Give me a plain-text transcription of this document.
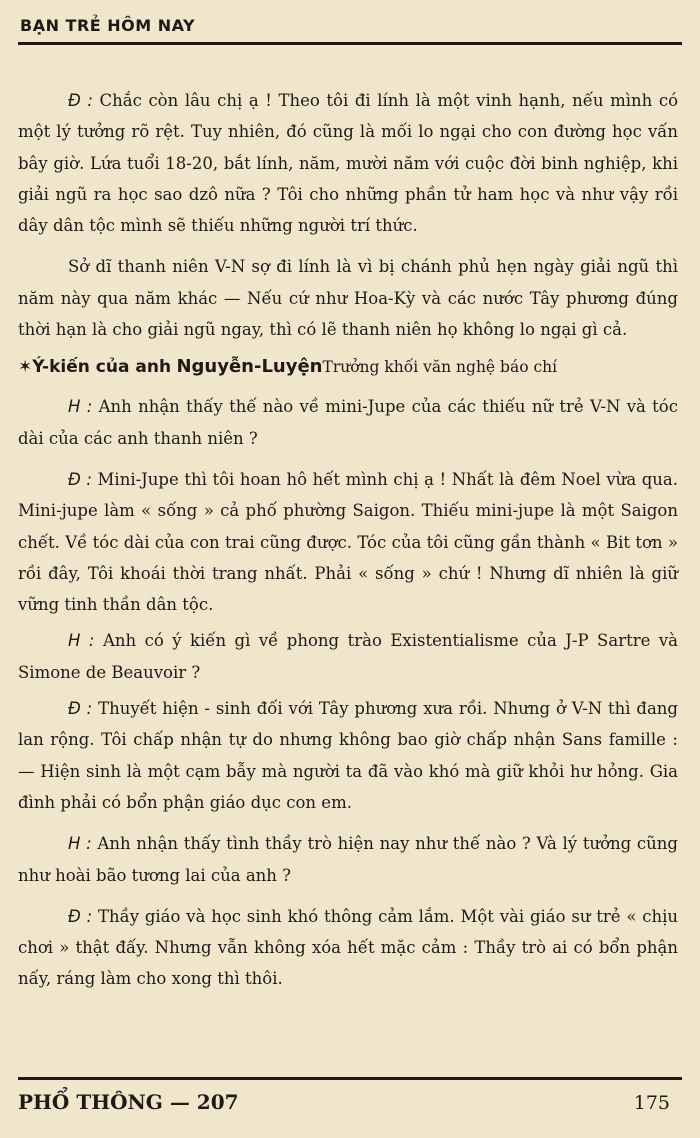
BẠN TRẺ HÔM NAY

Đ : Chắc còn lâu chị ạ ! Theo tôi đi lính là một vinh hạnh, nếu mình có một lý tưởng rõ rệt. Tuy nhiên, đó cũng là mối lo ngại cho con đường học vấn bây giờ. Lứa tuổi 18-20, bắt lính, năm, mười năm với cuộc đời binh nghiệp, khi giải ngũ ra học sao dzô nữa ? Tôi cho những phần tử ham học và như vậy rồi dây dân tộc mình sẽ thiếu những người trí thức.

Sở dĩ thanh niên V-N sợ đi lính là vì bị chánh phủ hẹn ngày giải ngũ thì năm này qua năm khác — Nếu cứ như Hoa-Kỳ và các nước Tây phương đúng thời hạn là cho giải ngũ ngay, thì có lẽ thanh niên họ không lo ngại gì cả.

✶Ý-kiến của anh Nguyễn-LuyệnTrưởng khối văn nghệ báo chí

H : Anh nhận thấy thế nào về mini-Jupe của các thiếu nữ trẻ V-N và tóc dài của các anh thanh niên ?

Đ : Mini-Jupe thì tôi hoan hô hết mình chị ạ ! Nhất là đêm Noel vừa qua. Mini-jupe làm « sống » cả phố phường Saigon. Thiếu mini-jupe là một Saigon chết. Về tóc dài của con trai cũng được. Tóc của tôi cũng gần thành « Bit tơn » rồi đây, Tôi khoái thời trang nhất. Phải « sống » chứ ! Nhưng dĩ nhiên là giữ vững tinh thần dân tộc.

H : Anh có ý kiến gì về phong trào Existentialisme của J-P Sartre và Simone de Beauvoir ?

Đ : Thuyết hiện - sinh đối với Tây phương xưa rồi. Nhưng ở V-N thì đang lan rộng. Tôi chấp nhận tự do nhưng không bao giờ chấp nhận Sans famille : — Hiện sinh là một cạm bẫy mà người ta đã vào khó mà giữ khỏi hư hỏng. Gia đình phải có bổn phận giáo dục con em.

H : Anh nhận thấy tình thầy trò hiện nay như thế nào ? Và lý tưởng cũng như hoài bão tương lai của anh ?

Đ : Thầy giáo và học sinh khó thông cảm lắm. Một vài giáo sư trẻ « chịu chơi » thật đấy. Nhưng vẫn không xóa hết mặc cảm : Thầy trò ai có bổn phận nấy, ráng làm cho xong thì thôi.

PHỔ THÔNG — 207	175
